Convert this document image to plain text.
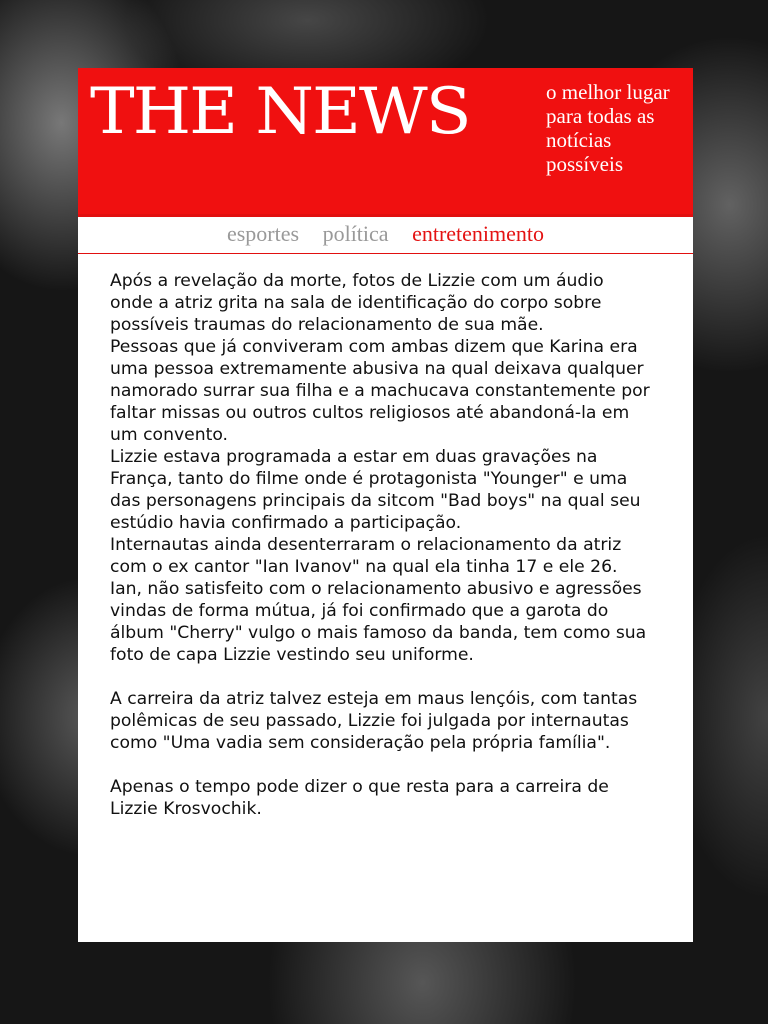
THE NEWS	o melhor lugar para todas as notícias possíveis
esportes política entretenimento

Após a revelação da morte, fotos de Lizzie com um áudio onde a atriz grita na sala de identificação do corpo sobre possíveis traumas do relacionamento de sua mãe.

Pessoas que já conviveram com ambas dizem que Karina era uma pessoa extremamente abusiva na qual deixava qualquer namorado surrar sua filha e a machucava constantemente por faltar missas ou outros cultos religiosos até abandoná-la em um convento.

Lizzie estava programada a estar em duas gravações na França, tanto do filme onde é protagonista "Younger" e uma das personagens principais da sitcom "Bad boys" na qual seu estúdio havia confirmado a participação.

Internautas ainda desenterraram o relacionamento da atriz com o ex cantor "Ian Ivanov" na qual ela tinha 17 e ele 26. Ian, não satisfeito com o relacionamento abusivo e agressões vindas de forma mútua, já foi confirmado que a garota do álbum "Cherry" vulgo o mais famoso da banda, tem como sua foto de capa Lizzie vestindo seu uniforme.

A carreira da atriz talvez esteja em maus lençóis, com tantas polêmicas de seu passado, Lizzie foi julgada por internautas como "Uma vadia sem consideração pela própria família".

Apenas o tempo pode dizer o que resta para a carreira de Lizzie Krosvochik.
